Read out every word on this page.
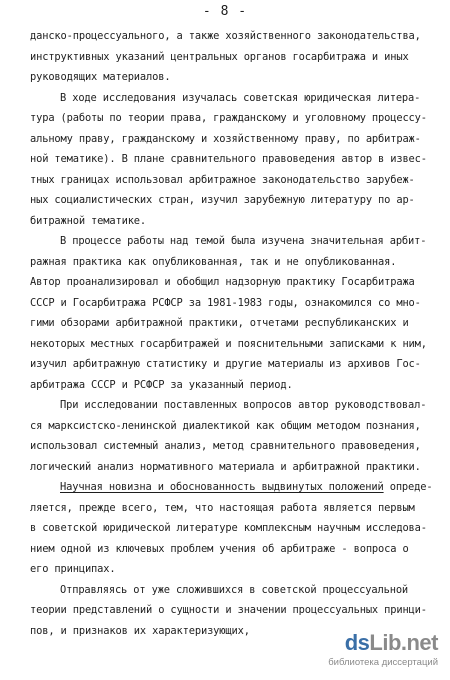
- 8 -
данско-процессуального, а также хозяйственного законодательства,
инструктивных указаний центральных органов госарбитража и иных
руководящих материалов.
В ходе исследования изучалась советская юридическая литера-
тура (работы по теории права, гражданскому и уголовному процессу-
альному праву, гражданскому и хозяйственному праву, по арбитраж-
ной тематике). В плане сравнительного правоведения автор в извес-
тных границах использовал арбитражное законодательство зарубеж-
ных социалистических стран, изучил зарубежную литературу по ар-
битражной тематике.
В процессе работы над темой была изучена значительная арбит-
ражная практика как опубликованная, так и не опубликованная.
Автор проанализировал и обобщил надзорную практику Госарбитража
СССР и Госарбитража РСФСР за 1981-1983 годы, ознакомился со мно-
гими обзорами арбитражной практики, отчетами республиканских и
некоторых местных госарбитражей и пояснительными записками к ним,
изучил арбитражную статистику и другие материалы из архивов Гос-
арбитража СССР и РСФСР за указанный период.
При исследовании поставленных вопросов автор руководствовал-
ся марксистско-ленинской диалектикой как общим методом познания,
использовал системный анализ, метод сравнительного правоведения,
логический анализ нормативного материала и арбитражной практики.
Научная новизна и обоснованность выдвинутых положений опреде-
ляется, прежде всего, тем, что настоящая работа является первым
в советской юридической литературе комплексным научным исследова-
нием одной из ключевых проблем учения об арбитраже - вопроса о
его принципах.
Отправляясь от уже сложившихся в советской процессуальной
теории представлений о сущности и значении процессуальных принци-
пов, и признаков их характеризующих,	dsLib.net
библиотека диссертаций
